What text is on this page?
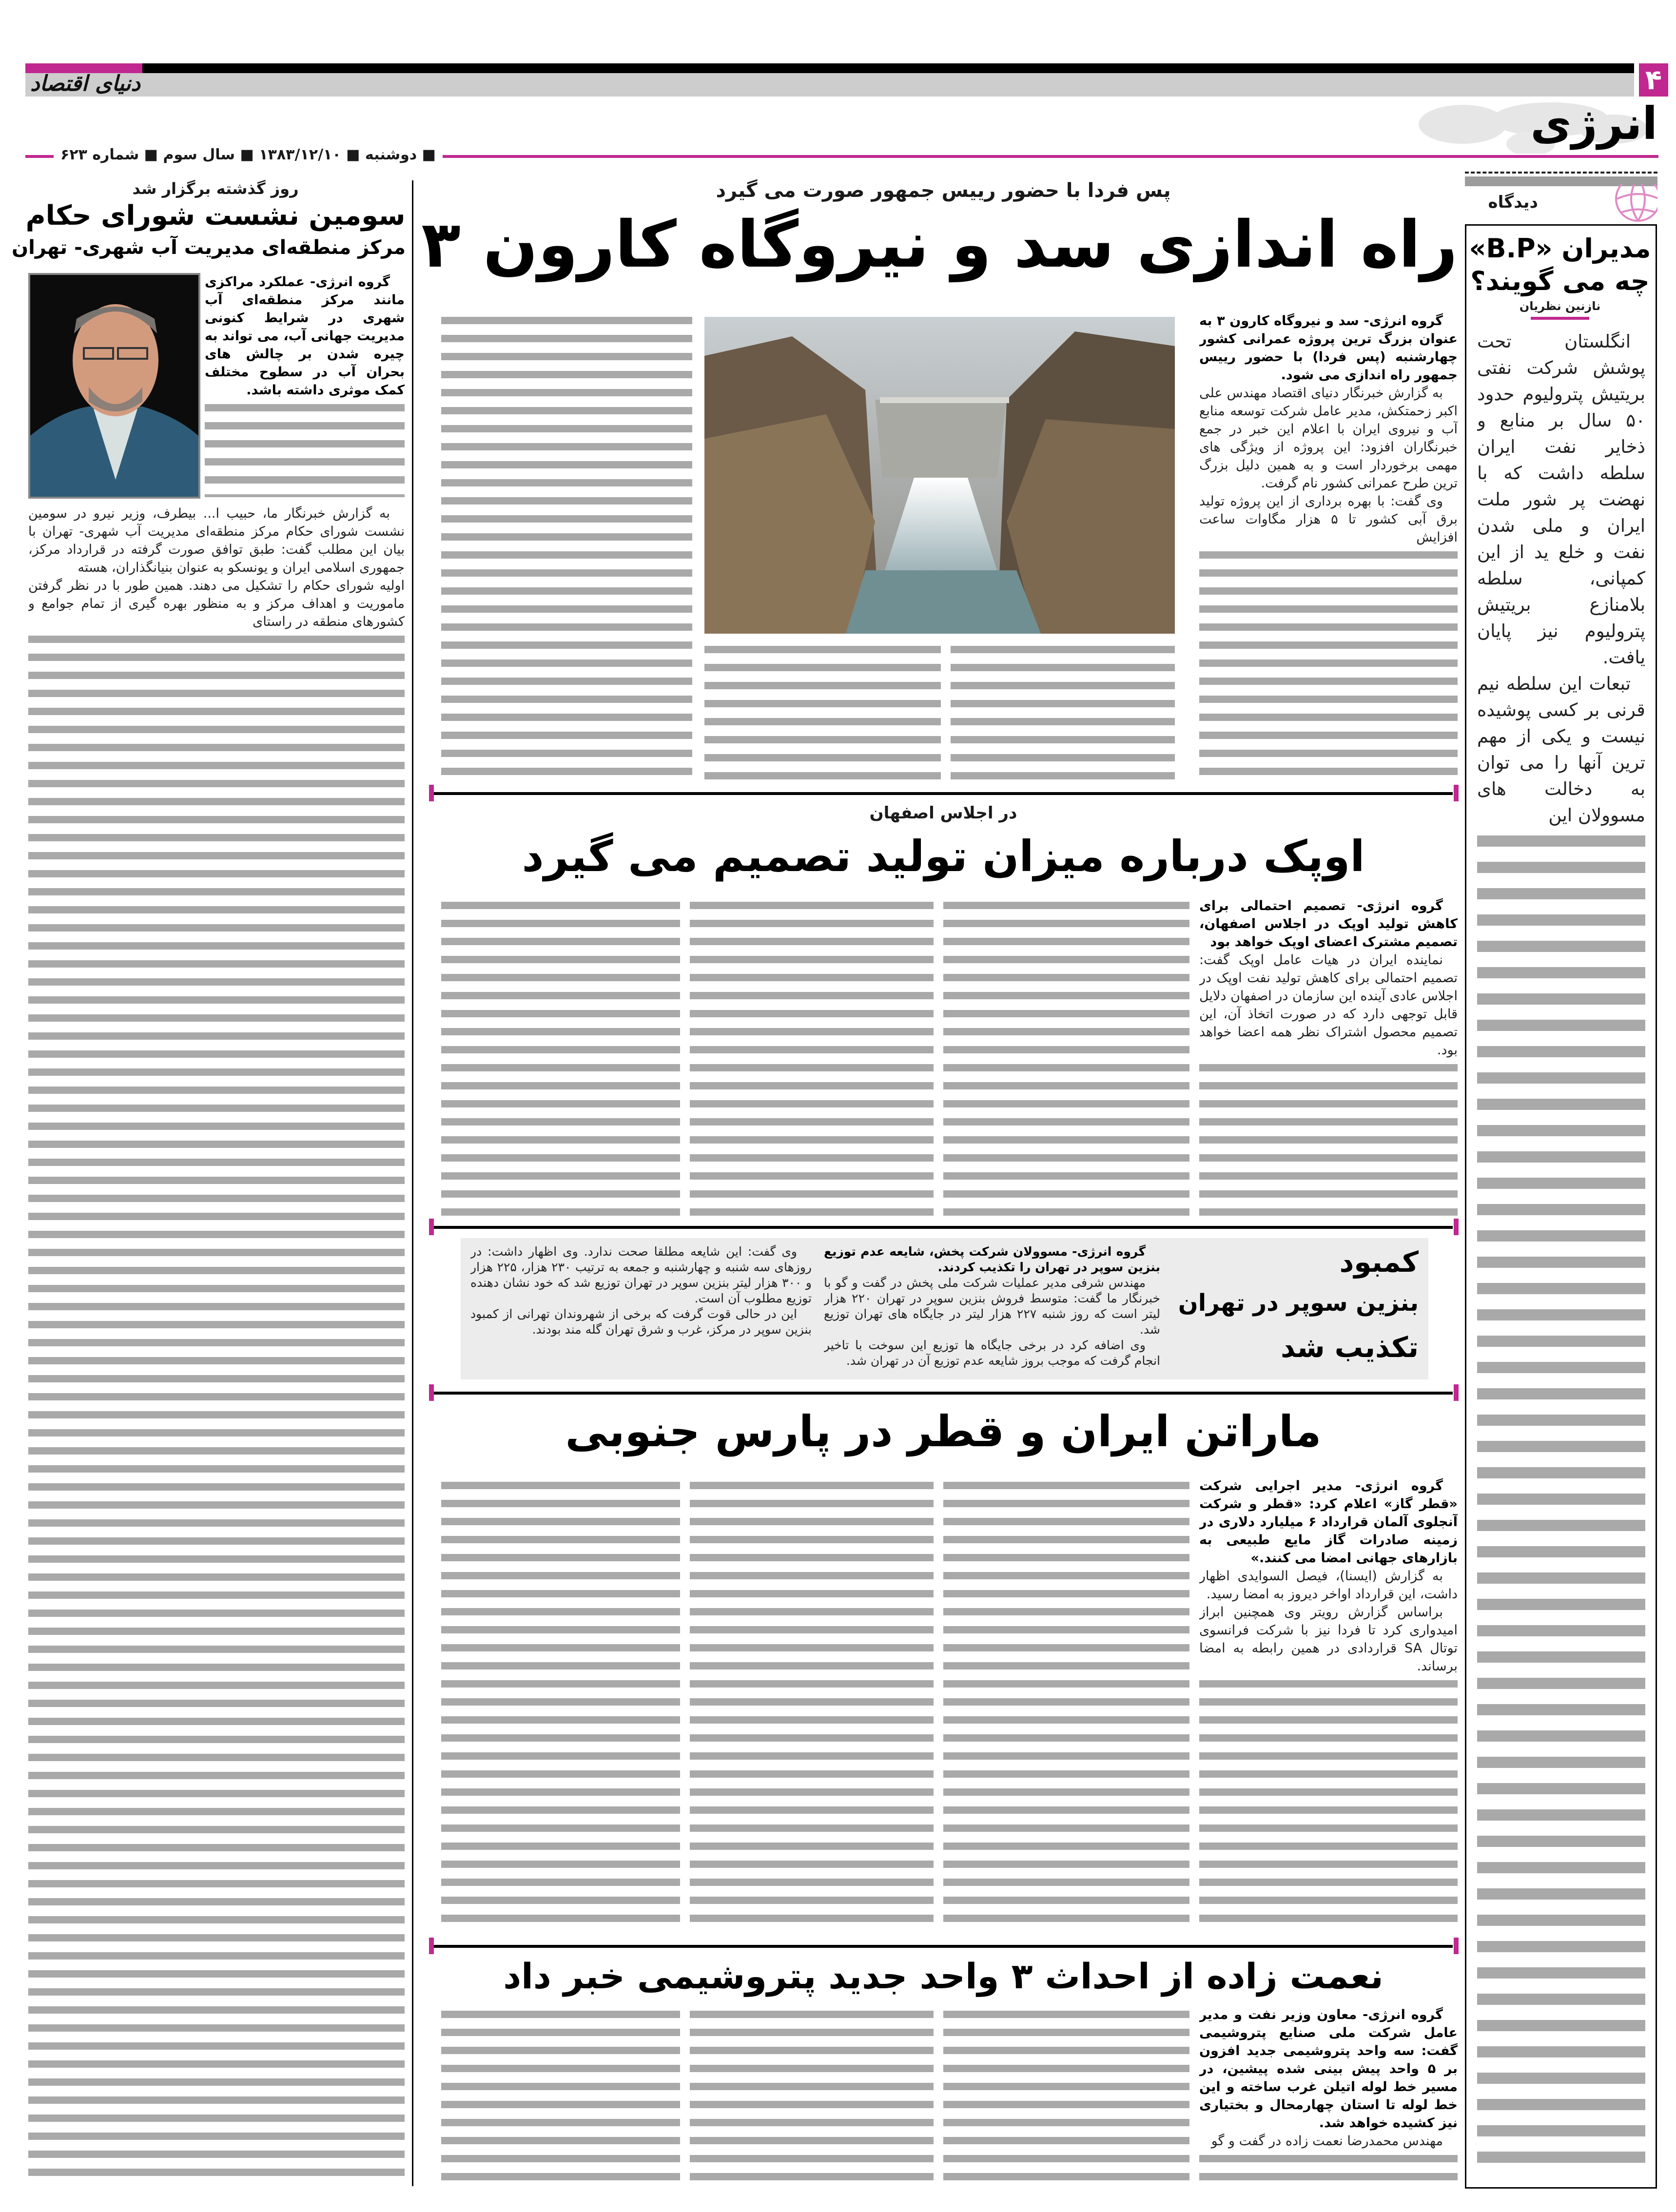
دنیای اقتصاد	۴
انرژی
■ دوشنبه ■ ۱۳۸۳/۱۲/۱۰ ■ سال سوم ■ شماره ۶۲۳
دیدگاه
مدیران «B.P»
چه می گویند؟
نازنین نظریان

انگلستان تحت پوشش شرکت نفتی بریتیش پترولیوم حدود ۵۰ سال بر منابع و ذخایر نفت ایران سلطه داشت که با نهضت پر شور ملت ایران و ملی شدن نفت و خلع ید از این کمپانی، سلطه بلامنازع بریتیش پترولیوم نیز پایان یافت.

تبعات این سلطه نیم قرنی بر کسی پوشیده نیست و یکی از مهم ترین آنها را می توان به دخالت های مسوولان این

روز گذشته برگزار شد
سومین نشست شورای حکام
مرکز منطقه‌ای مدیریت آب شهری- تهران

گروه انرژی- عملکرد مراکزی مانند مرکز منطقه‌ای آب شهری در شرایط کنونی مدیریت جهانی آب، می تواند به چیره شدن بر چالش های بحران آب در سطوح مختلف کمک موثری داشته باشد.

به گزارش خبرنگار ما، حبیب ا... بیطرف، وزیر نیرو در سومین نشست شورای حکام مرکز منطقه‌ای مدیریت آب شهری- تهران با بیان این مطلب گفت: طبق توافق صورت گرفته در قرارداد مرکز، جمهوری اسلامی ایران و یونسکو به عنوان بنیانگذاران، هسته

اولیه شورای حکام را تشکیل می دهند. همین طور با در نظر گرفتن ماموریت و اهداف مرکز و به منظور بهره گیری از تمام جوامع و کشورهای منطقه در راستای

پس فردا با حضور رییس جمهور صورت می گیرد
راه اندازی سد و نیروگاه کارون ۳

گروه انرژی- سد و نیروگاه کارون ۳ به عنوان بزرگ ترین پروژه عمرانی کشور چهارشنبه (پس فردا) با حضور رییس جمهور راه اندازی می شود.

به گزارش خبرنگار دنیای اقتصاد مهندس علی اکبر زحمتکش، مدیر عامل شرکت توسعه منابع آب و نیروی ایران با اعلام این خبر در جمع خبرنگاران افزود: این پروژه از ویژگی های مهمی برخوردار است و به همین دلیل بزرگ ترین طرح عمرانی کشور نام گرفت.

وی گفت: با بهره برداری از این پروژه تولید برق آبی کشور تا ۵ هزار مگاوات ساعت افزایش

در اجلاس اصفهان
اوپک درباره میزان تولید تصمیم می گیرد

گروه انرژی- تصمیم احتمالی برای کاهش تولید اوپک در اجلاس اصفهان، تصمیم مشترک اعضای اوپک خواهد بود

نماینده ایران در هیات عامل اوپک گفت: تصمیم احتمالی برای کاهش تولید نفت اوپک در اجلاس عادی آینده این سازمان در اصفهان دلایل قابل توجهی دارد که در صورت اتخاذ آن، این تصمیم محصول اشتراک نظر همه اعضا خواهد بود.

کمبود
بنزین سوپر در تهران
تکذیب شد

گروه انرژی- مسوولان شرکت پخش، شایعه عدم توزیع بنزین سوپر در تهران را تکذیب کردند.

مهندس شرفی مدیر عملیات شرکت ملی پخش در گفت و گو با خبرنگار ما گفت: متوسط فروش بنزین سوپر در تهران ۲۲۰ هزار لیتر است که روز شنبه ۲۲۷ هزار لیتر در جایگاه های تهران توزیع شد.

وی اضافه کرد در برخی جایگاه ها توزیع این سوخت با تاخیر انجام گرفت که موجب بروز شایعه عدم توزیع آن در تهران شد.

وی گفت: این شایعه مطلقا صحت ندارد. وی اظهار داشت: در روزهای سه شنبه و چهارشنبه و جمعه به ترتیب ۲۳۰ هزار، ۲۲۵ هزار و ۳۰۰ هزار لیتر بنزین سوپر در تهران توزیع شد که خود نشان دهنده توزیع مطلوب آن است.

این در حالی قوت گرفت که برخی از شهروندان تهرانی از کمبود بنزین سوپر در مرکز، غرب و شرق تهران گله مند بودند.

ماراتن ایران و قطر در پارس جنوبی

گروه انرژی- مدیر اجرایی شرکت «قطر گاز» اعلام کرد: «قطر و شرکت آنجلوی آلمان قرارداد ۶ میلیارد دلاری در زمینه صادرات گاز مایع طبیعی به بازارهای جهانی امضا می کنند.»

به گزارش (ایسنا)، فیصل السوایدی اظهار داشت، این قرارداد اواخر دیروز به امضا رسید.

براساس گزارش رویتر وی همچنین ابراز امیدواری کرد تا فردا نیز با شرکت فرانسوی توتال SA قراردادی در همین رابطه به امضا برساند.

نعمت زاده از احداث ۳ واحد جدید پتروشیمی خبر داد

گروه انرژی- معاون وزیر نفت و مدیر عامل شرکت ملی صنایع پتروشیمی گفت: سه واحد پتروشیمی جدید افزون بر ۵ واحد پیش بینی شده پیشین، در مسیر خط لوله اتیلن غرب ساخته و این خط لوله تا استان چهارمحال و بختیاری نیز کشیده خواهد شد.

مهندس محمدرضا نعمت زاده در گفت و گو
